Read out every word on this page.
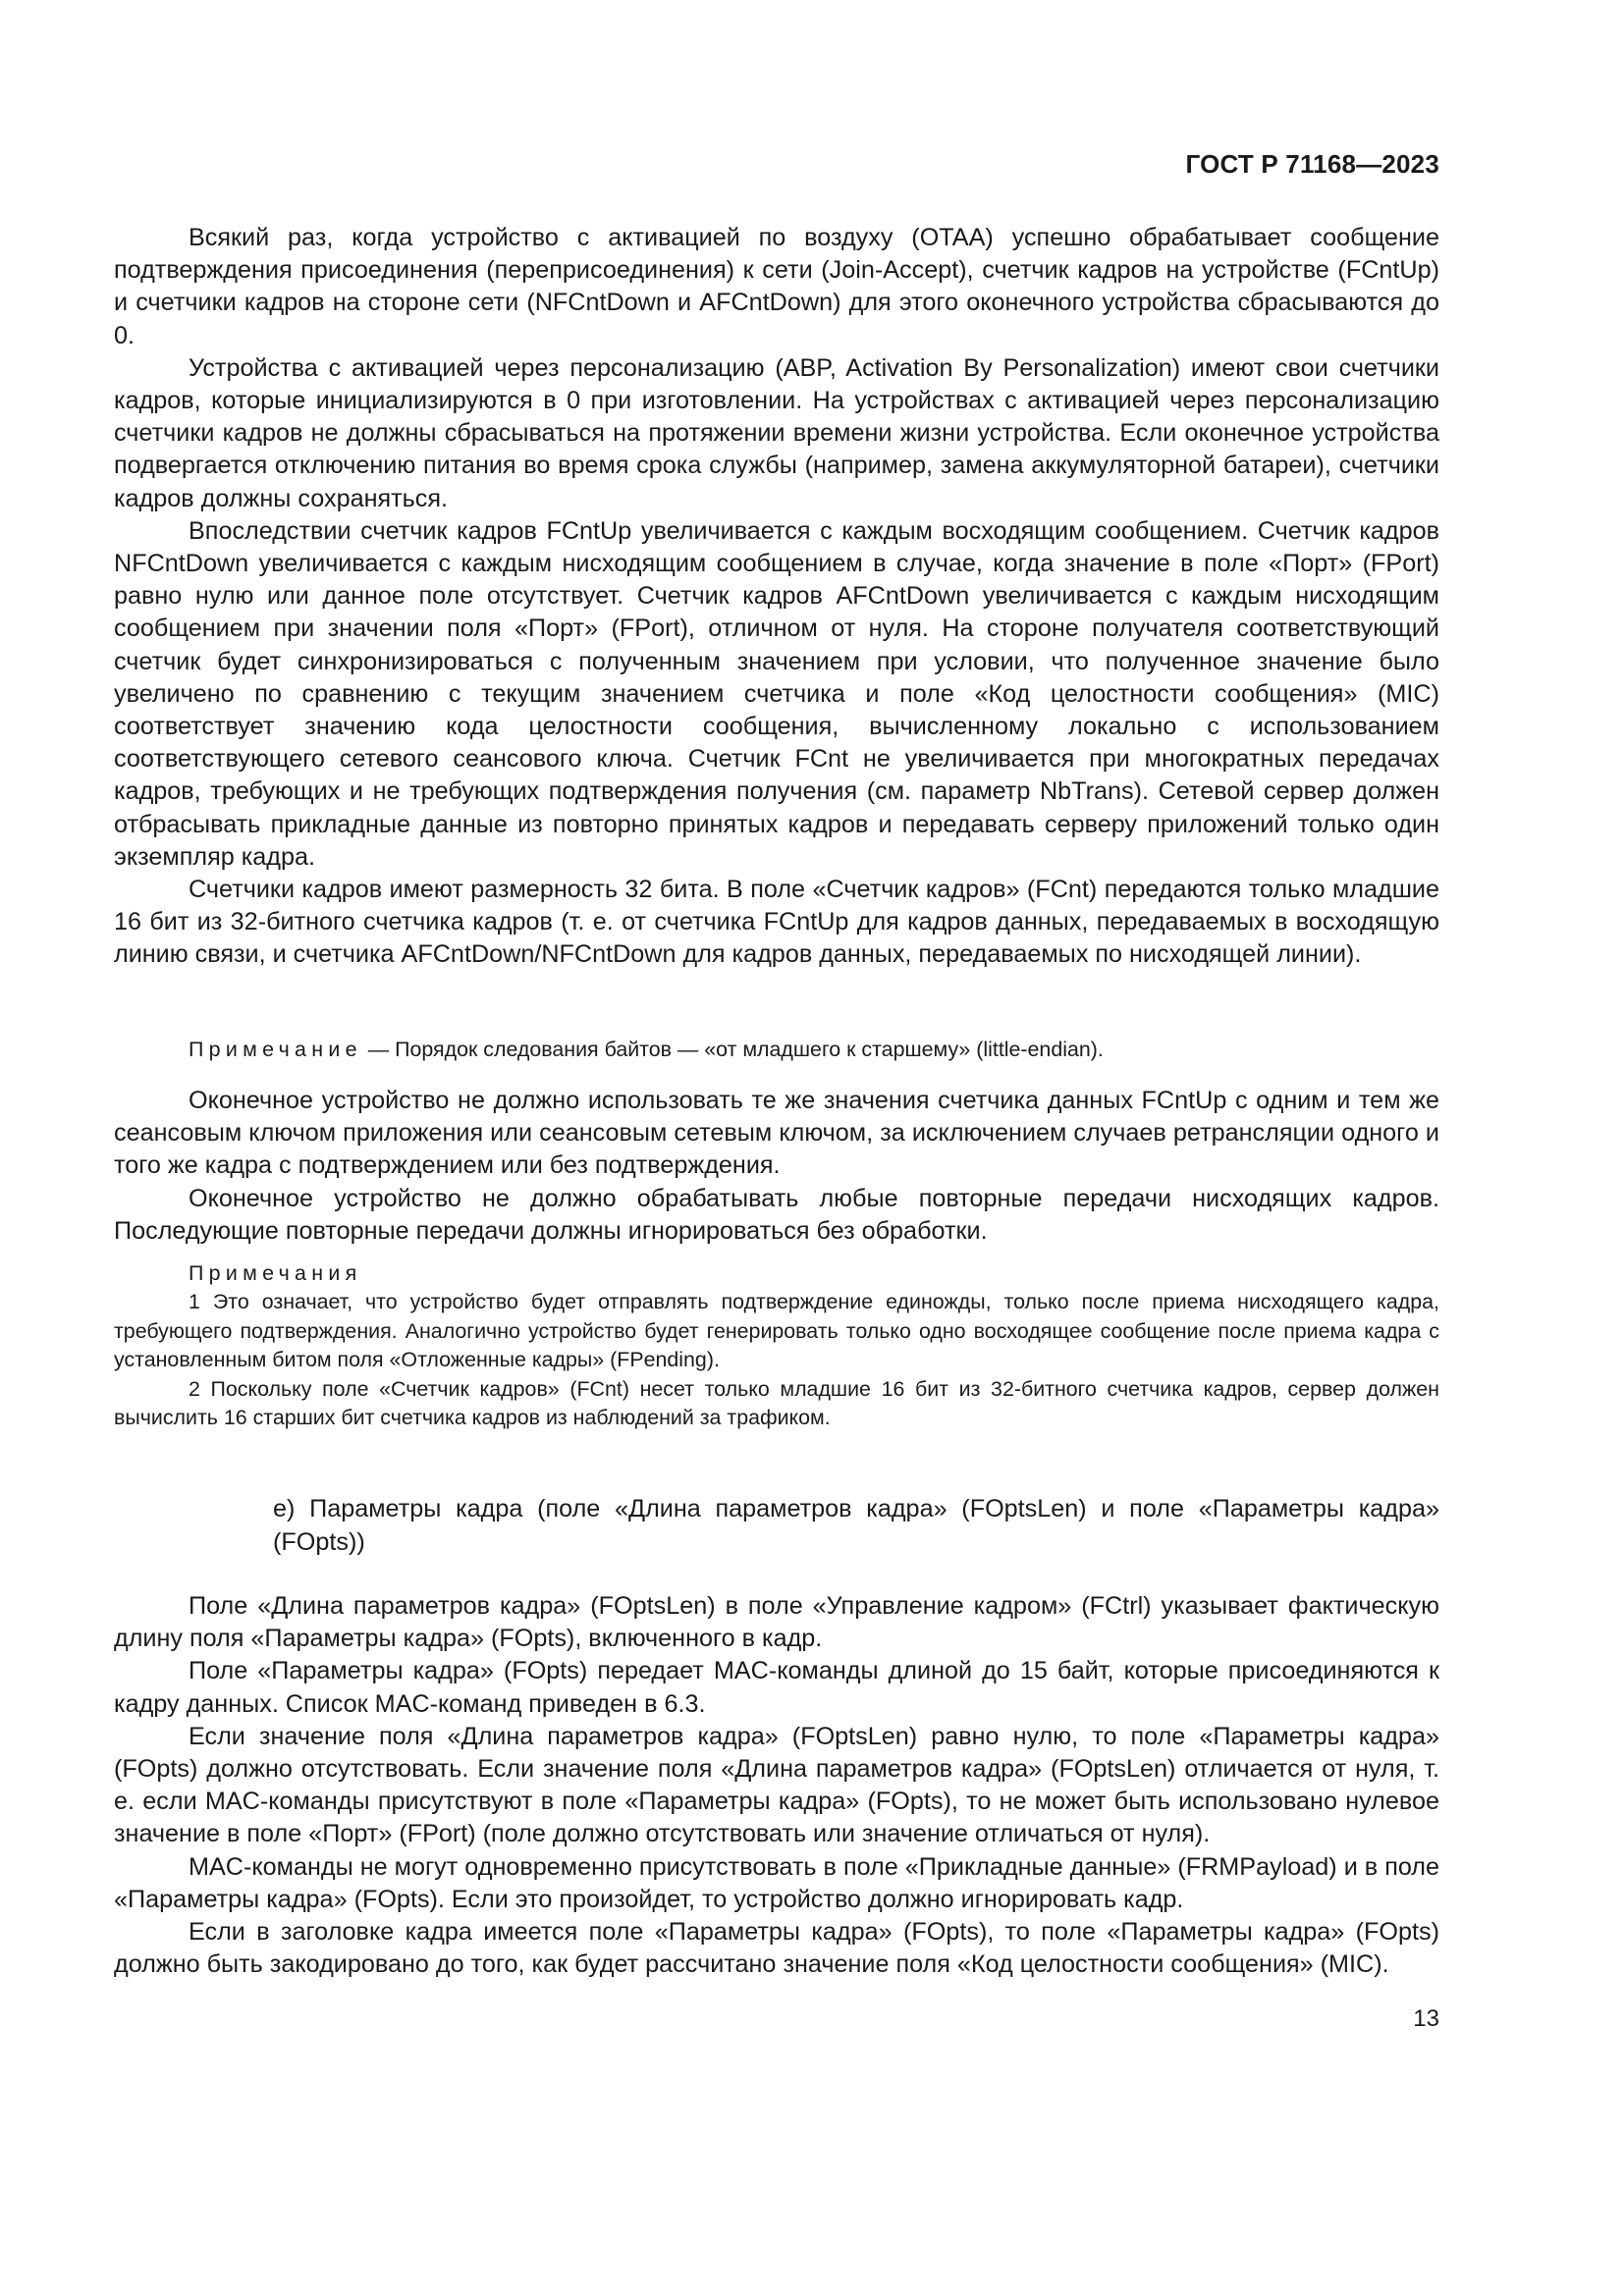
ГОСТ Р 71168—2023

Всякий раз, когда устройство с активацией по воздуху (OTAA) успешно обрабатывает сообщение подтверждения присоединения (переприсоединения) к сети (Join-Accept), счетчик кадров на устройстве (FCntUp) и счетчики кадров на стороне сети (NFCntDown и AFCntDown) для этого оконечного устройства сбрасываются до 0.

Устройства с активацией через персонализацию (ABP, Activation By Personalization) имеют свои счетчики кадров, которые инициализируются в 0 при изготовлении. На устройствах с активацией через персонализацию счетчики кадров не должны сбрасываться на протяжении времени жизни устройства. Если оконечное устройства подвергается отключению питания во время срока службы (например, замена аккумуляторной батареи), счетчики кадров должны сохраняться.

Впоследствии счетчик кадров FCntUp увеличивается с каждым восходящим сообщением. Счетчик кадров NFCntDown увеличивается с каждым нисходящим сообщением в случае, когда значение в поле «Порт» (FPort) равно нулю или данное поле отсутствует. Счетчик кадров AFCntDown увеличивается с каждым нисходящим сообщением при значении поля «Порт» (FPort), отличном от нуля. На стороне получателя соответствующий счетчик будет синхронизироваться с полученным значением при условии, что полученное значение было увеличено по сравнению с текущим значением счетчика и поле «Код целостности сообщения» (MIC) соответствует значению кода целостности сообщения, вычисленному локально с использованием соответствующего сетевого сеансового ключа. Счетчик FCnt не увеличивается при многократных передачах кадров, требующих и не требующих подтверждения получения (см. параметр NbTrans). Сетевой сервер должен отбрасывать прикладные данные из повторно принятых кадров и передавать серверу приложений только один экземпляр кадра.

Счетчики кадров имеют размерность 32 бита. В поле «Счетчик кадров» (FCnt) передаются только младшие 16 бит из 32-битного счетчика кадров (т. е. от счетчика FCntUp для кадров данных, передаваемых в восходящую линию связи, и счетчика AFCntDown/NFCntDown для кадров данных, передаваемых по нисходящей линии).

Примечание — Порядок следования байтов — «от младшего к старшему» (little-endian).

Оконечное устройство не должно использовать те же значения счетчика данных FCntUp с одним и тем же сеансовым ключом приложения или сеансовым сетевым ключом, за исключением случаев ретрансляции одного и того же кадра с подтверждением или без подтверждения.

Оконечное устройство не должно обрабатывать любые повторные передачи нисходящих кадров. Последующие повторные передачи должны игнорироваться без обработки.

Примечания

1 Это означает, что устройство будет отправлять подтверждение единожды, только после приема нисходящего кадра, требующего подтверждения. Аналогично устройство будет генерировать только одно восходящее сообщение после приема кадра с установленным битом поля «Отложенные кадры» (FPending).

2 Поскольку поле «Счетчик кадров» (FCnt) несет только младшие 16 бит из 32-битного счетчика кадров, сервер должен вычислить 16 старших бит счетчика кадров из наблюдений за трафиком.

e) Параметры кадра (поле «Длина параметров кадра» (FOptsLen) и поле «Параметры кадра» (FOpts))

Поле «Длина параметров кадра» (FOptsLen) в поле «Управление кадром» (FCtrl) указывает фактическую длину поля «Параметры кадра» (FOpts), включенного в кадр.

Поле «Параметры кадра» (FOpts) передает MAC-команды длиной до 15 байт, которые присоединяются к кадру данных. Список MAC-команд приведен в 6.3.

Если значение поля «Длина параметров кадра» (FOptsLen) равно нулю, то поле «Параметры кадра» (FOpts) должно отсутствовать. Если значение поля «Длина параметров кадра» (FOptsLen) отличается от нуля, т. е. если MAC-команды присутствуют в поле «Параметры кадра» (FOpts), то не может быть использовано нулевое значение в поле «Порт» (FPort) (поле должно отсутствовать или значение отличаться от нуля).

MAC-команды не могут одновременно присутствовать в поле «Прикладные данные» (FRMPayload) и в поле «Параметры кадра» (FOpts). Если это произойдет, то устройство должно игнорировать кадр.

Если в заголовке кадра имеется поле «Параметры кадра» (FOpts), то поле «Параметры кадра» (FOpts) должно быть закодировано до того, как будет рассчитано значение поля «Код целостности сообщения» (MIC).

13
